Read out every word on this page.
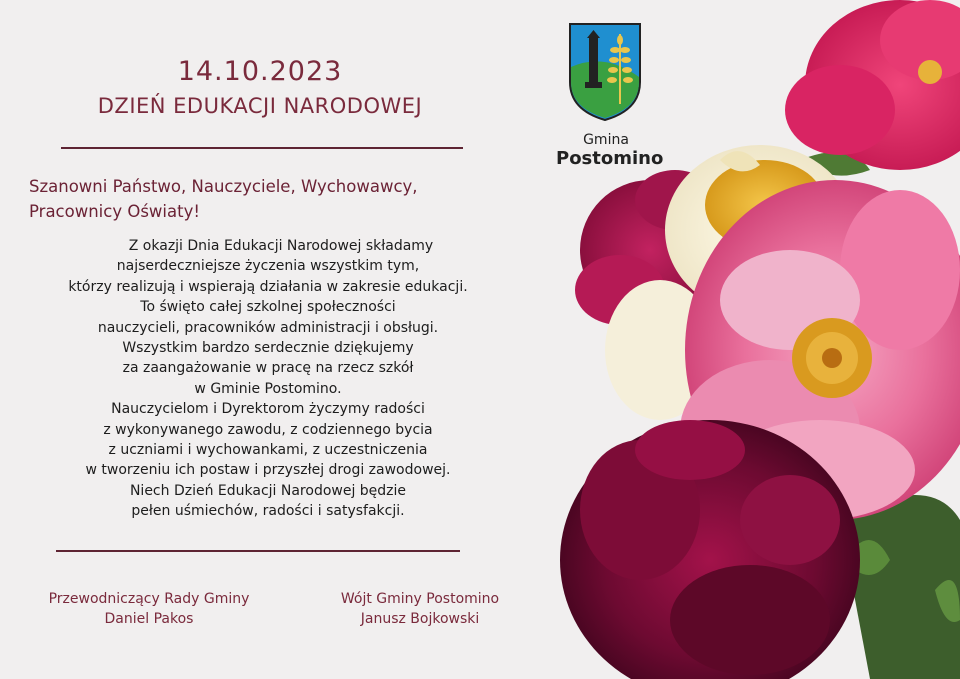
Gmina
Postomino
14.10.2023
DZIEŃ EDUKACJI NARODOWEJ
Szanowni Państwo, Nauczyciele, Wychowawcy,
Pracownicy Oświaty!
Z okazji Dnia Edukacji Narodowej składamy
najserdeczniejsze życzenia wszystkim tym,
którzy realizują i wspierają działania w zakresie edukacji.
To święto całej szkolnej społeczności
nauczycieli, pracowników administracji i obsługi.
Wszystkim bardzo serdecznie dziękujemy
za zaangażowanie w pracę na rzecz szkół
w Gminie Postomino.
Nauczycielom i Dyrektorom życzymy radości
z wykonywanego zawodu, z codziennego bycia
z uczniami i wychowankami, z uczestniczenia
w tworzeniu ich postaw i przyszłej drogi zawodowej.
Niech Dzień Edukacji Narodowej będzie
pełen uśmiechów, radości i satysfakcji.
Przewodniczący Rady Gminy
Daniel Pakos
Wójt Gminy Postomino
Janusz Bojkowski
